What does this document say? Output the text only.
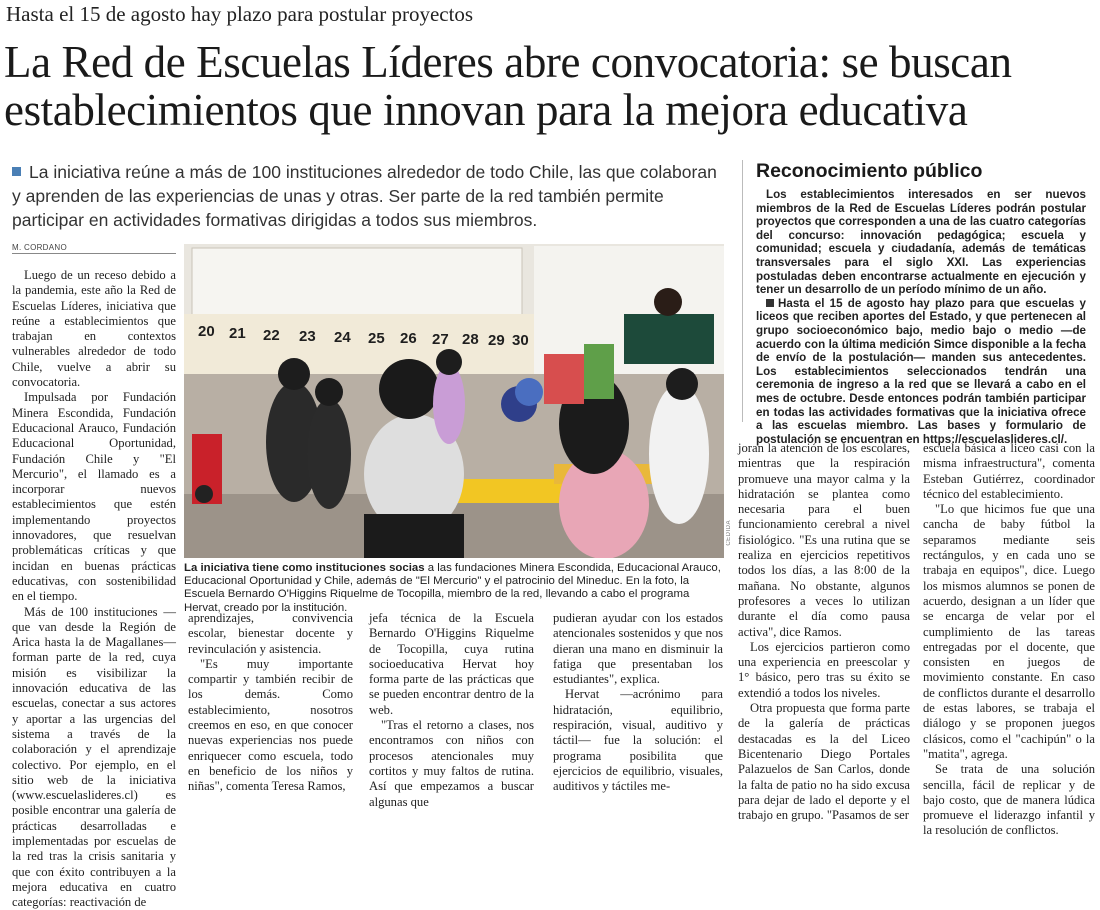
Hasta el 15 de agosto hay plazo para postular proyectos
La Red de Escuelas Líderes abre convocatoria: se buscan
establecimientos que innovan para la mejora educativa
La iniciativa reúne a más de 100 instituciones alrededor de todo Chile, las que colaboran y aprenden de las experiencias de unas y otras. Ser parte de la red también permite participar en actividades formativas dirigidas a todos sus miembros.
M. CORDANO

Luego de un receso debido a la pandemia, este año la Red de Escuelas Líderes, iniciativa que reúne a establecimientos que trabajan en contextos vulnerables alrededor de todo Chile, vuelve a abrir su convocatoria.

Impulsada por Fundación Minera Escondida, Fundación Educacional Arauco, Fundación Educacional Oportunidad, Fundación Chile y "El Mercurio", el llamado es a incorporar nuevos establecimientos que estén implementando proyectos innovadores, que resuelvan problemáticas críticas y que incidan en buenas prácticas educativas, con sostenibilidad en el tiempo.

Más de 100 instituciones —que van desde la Región de Arica hasta la de Magallanes— forman parte de la red, cuya misión es visibilizar la innovación educativa de las escuelas, conectar a sus actores y aportar a las urgencias del sistema a través de la colaboración y el aprendizaje colectivo. Por ejemplo, en el sitio web de la iniciativa (www.escuelaslideres.cl) es posible encontrar una galería de prácticas desarrolladas e implementadas por escuelas de la red tras la crisis sanitaria y que con éxito contribuyen a la mejora educativa en cuatro categorías: reactivación de

20 21 22 23 24 25 26 27 28 29 30
CEDIDA
La iniciativa tiene como instituciones socias a las fundaciones Minera Escondida, Educacional Arauco, Educacional Oportunidad y Chile, además de "El Mercurio" y el patrocinio del Mineduc. En la foto, la Escuela Bernardo O'Higgins Riquelme de Tocopilla, miembro de la red, llevando a cabo el programa Hervat, creado por la institución.

aprendizajes, convivencia escolar, bienestar docente y revinculación y asistencia.

"Es muy importante compartir y también recibir de los demás. Como establecimiento, nosotros creemos en eso, en que conocer nuevas experiencias nos puede enriquecer como escuela, todo en beneficio de los niños y niñas", comenta Teresa Ramos,

jefa técnica de la Escuela Bernardo O'Higgins Riquelme de Tocopilla, cuya rutina socioeducativa Hervat hoy forma parte de las prácticas que se pueden encontrar dentro de la web.

"Tras el retorno a clases, nos encontramos con niños con procesos atencionales muy cortitos y muy faltos de rutina. Así que empezamos a buscar algunas que

pudieran ayudar con los estados atencionales sostenidos y que nos dieran una mano en disminuir la fatiga que presentaban los estudiantes", explica.

Hervat —acrónimo para hidratación, equilibrio, respiración, visual, auditivo y táctil— fue la solución: el programa posibilita que ejercicios de equilibrio, visuales, auditivos y táctiles me-

joran la atención de los escolares, mientras que la respiración promueve una mayor calma y la hidratación se plantea como necesaria para el buen funcionamiento cerebral a nivel fisiológico. "Es una rutina que se realiza en ejercicios repetitivos todos los días, a las 8:00 de la mañana. No obstante, algunos profesores a veces lo utilizan durante el día como pausa activa", dice Ramos.

Los ejercicios partieron como una experiencia en preescolar y 1° básico, pero tras su éxito se extendió a todos los niveles.

Otra propuesta que forma parte de la galería de prácticas destacadas es la del Liceo Bicentenario Diego Portales Palazuelos de San Carlos, donde la falta de patio no ha sido excusa para dejar de lado el deporte y el trabajo en grupo. "Pasamos de ser

escuela básica a liceo casi con la misma infraestructura", comenta Esteban Gutiérrez, coordinador técnico del establecimiento.

"Lo que hicimos fue que una cancha de baby fútbol la separamos mediante seis rectángulos, y en cada uno se trabaja en equipos", dice. Luego los mismos alumnos se ponen de acuerdo, designan a un líder que se encarga de velar por el cumplimiento de las tareas entregadas por el docente, que consisten en juegos de movimiento constante. En caso de conflictos durante el desarrollo de estas labores, se trabaja el diálogo y se proponen juegos clásicos, como el "cachipún" o la "matita", agrega.

Se trata de una solución sencilla, fácil de replicar y de bajo costo, que de manera lúdica promueve el liderazgo infantil y la resolución de conflictos.

Reconocimiento público

Los establecimientos interesados en ser nuevos miembros de la Red de Escuelas Líderes podrán postular proyectos que corresponden a una de las cuatro categorías del concurso: innovación pedagógica; escuela y comunidad; escuela y ciudadanía, además de temáticas transversales para el siglo XXI. Las experiencias postuladas deben encontrarse actualmente en ejecución y tener un desarrollo de un período mínimo de un año.

Hasta el 15 de agosto hay plazo para que escuelas y liceos que reciben aportes del Estado, y que pertenecen al grupo socioeconómico bajo, medio bajo o medio —de acuerdo con la última medición Simce disponible a la fecha de envío de la postulación— manden sus antecedentes. Los establecimientos seleccionados tendrán una ceremonia de ingreso a la red que se llevará a cabo en el mes de octubre. Desde entonces podrán también participar en todas las actividades formativas que la iniciativa ofrece a las escuelas miembro. Las bases y formulario de postulación se encuentran en https://escuelaslideres.cl/.
